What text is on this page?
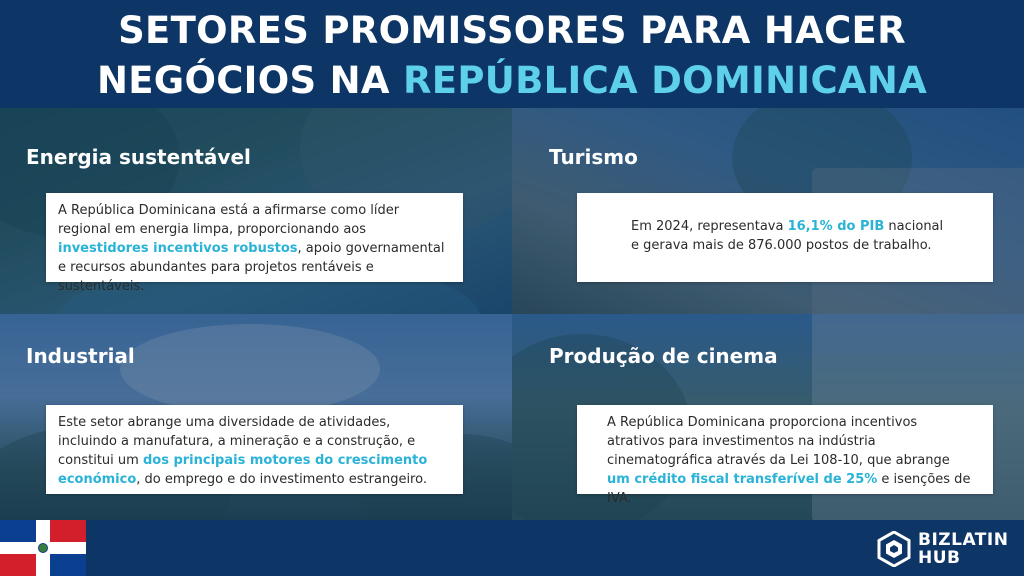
SETORES PROMISSORES PARA HACER
NEGÓCIOS NA REPÚBLICA DOMINICANA
Energia sustentável	Turismo
Industrial	Produção de cinema

A República Dominicana está a afirmarse como líder regional em energia limpa, proporcionando aos investidores incentivos robustos, apoio governamental e recursos abundantes para projetos rentáveis e sustentáveis.

Em 2024, representava 16,1% do PIB nacional e gerava mais de 876.000 postos de trabalho.

Este setor abrange uma diversidade de atividades, incluindo a manufatura, a mineração e a construção, e constitui um dos principais motores do crescimento económico, do emprego e do investimento estrangeiro.

A República Dominicana proporciona incentivos atrativos para investimentos na indústria cinematográfica através da Lei 108-10, que abrange um crédito fiscal transferível de 25% e isenções de IVA.

BIZLATIN
HUB
